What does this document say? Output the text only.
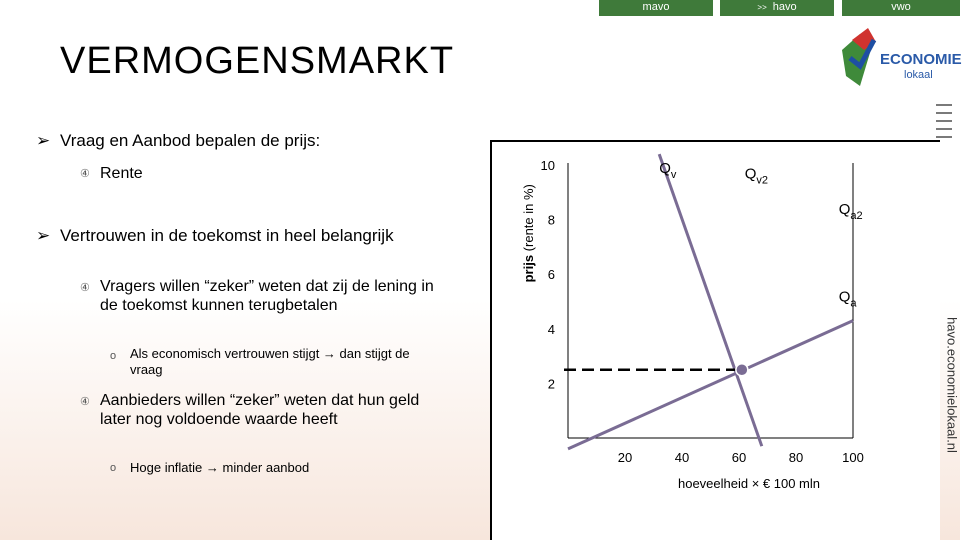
mavo	>> havo	vwo
VERMOGENSMARKT	ECONOMIE
lokaal
havo.economielokaal.nl
➢ Vraag en Aanbod bepalen de prijs:
④ Rente
➢ Vertrouwen in de toekomst in heel belangrijk
④ Vragers willen “zeker” weten dat zij de lening in de toekomst kunnen terugbetalen
o Als economisch vertrouwen stijgt → dan stijgt de vraag
④ Aanbieders willen “zeker” weten dat hun geld later nog voldoende waarde heeft
o Hoge inflatie → minder aanbod
2
4
6
8
10
20	40	60	80	100
prijs (rente in %)
hoeveelheid × € 100 mln
$Q_v$	$Q_{v2}$
$Q_{a2}$
$Q_a$
